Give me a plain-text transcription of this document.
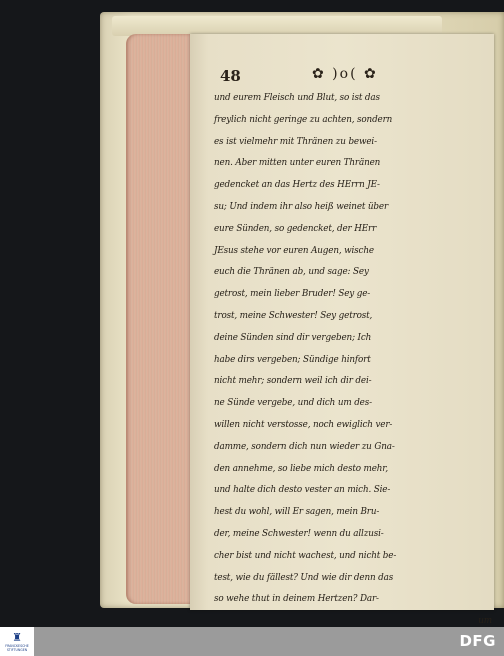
48	✿ )o( ✿
und eurem Fleisch und Blut, so ist das
freylich nicht geringe zu achten, sondern
es ist vielmehr mit Thränen zu bewei-
nen. Aber mitten unter euren Thränen
gedencket an das Hertz des HErrn JE-
su; Und indem ihr also heiß weinet über
eure Sünden, so gedencket, der HErr
JEsus stehe vor euren Augen, wische
euch die Thränen ab, und sage: Sey
getrost, mein lieber Bruder! Sey ge-
trost, meine Schwester! Sey getrost,
deine Sünden sind dir vergeben; Ich
habe dirs vergeben; Sündige hinfort
nicht mehr; sondern weil ich dir dei-
ne Sünde vergebe, und dich um des-
willen nicht verstosse, noch ewiglich ver-
damme, sondern dich nun wieder zu Gna-
den annehme, so liebe mich desto mehr,
und halte dich desto vester an mich. Sie-
hest du wohl, will Er sagen, mein Bru-
der, meine Schwester! wenn du allzusi-
cher bist und nicht wachest, und nicht be-
test, wie du fällest? Und wie dir denn das
so wehe thut in deinem Hertzen? Dar-
um
♜
FRANCKESCHE STIFTUNGEN	DFG
